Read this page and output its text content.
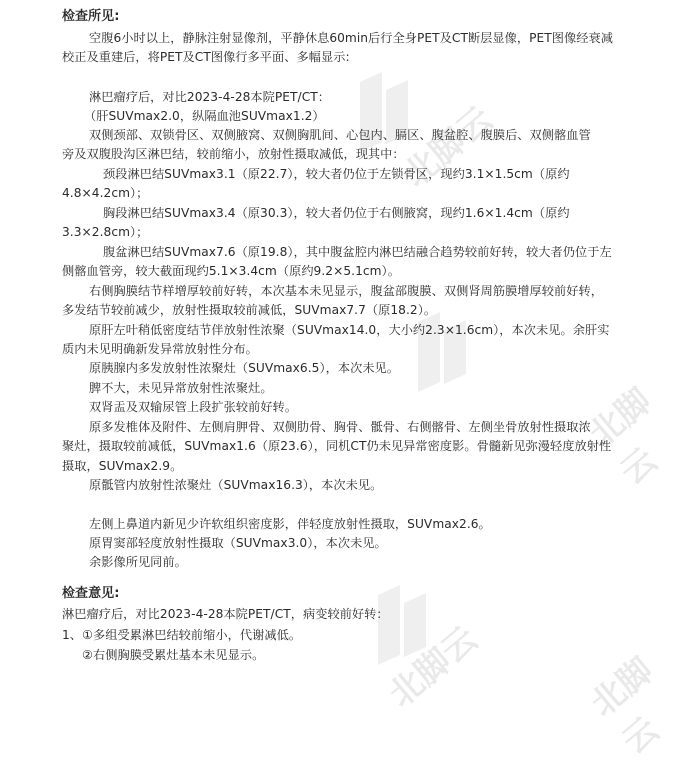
北脚云
北脚云
北脚云	北脚云
检查所见:
空腹6小时以上，静脉注射显像剂，平静休息60min后行全身PET及CT断层显像，PET图像经衰减
校正及重建后，将PET及CT图像行多平面、多幅显示:
淋巴瘤疗后，对比2023-4-28本院PET/CT：
（肝SUVmax2.0，纵隔血池SUVmax1.2）
双侧颈部、双锁骨区、双侧腋窝、双侧胸肌间、心包内、膈区、腹盆腔、腹膜后、双侧髂血管
旁及双腹股沟区淋巴结，较前缩小，放射性摄取减低，现其中：
颈段淋巴结SUVmax3.1（原22.7），较大者仍位于左锁骨区，现约3.1×1.5cm（原约
4.8×4.2cm）；
胸段淋巴结SUVmax3.4（原30.3），较大者仍位于右侧腋窝，现约1.6×1.4cm（原约
3.3×2.8cm）；
腹盆淋巴结SUVmax7.6（原19.8），其中腹盆腔内淋巴结融合趋势较前好转，较大者仍位于左
侧髂血管旁，较大截面现约5.1×3.4cm（原约9.2×5.1cm）。
右侧胸膜结节样增厚较前好转，本次基本未见显示，腹盆部腹膜、双侧肾周筋膜增厚较前好转，
多发结节较前减少，放射性摄取较前减低，SUVmax7.7（原18.2）。
原肝左叶稍低密度结节伴放射性浓聚（SUVmax14.0，大小约2.3×1.6cm），本次未见。余肝实
质内未见明确新发异常放射性分布。
原胰腺内多发放射性浓聚灶（SUVmax6.5），本次未见。
脾不大，未见异常放射性浓聚灶。
双肾盂及双输尿管上段扩张较前好转。
原多发椎体及附件、左侧肩胛骨、双侧肋骨、胸骨、骶骨、右侧髂骨、左侧坐骨放射性摄取浓
聚灶，摄取较前减低，SUVmax1.6（原23.6），同机CT仍未见异常密度影。骨髓新见弥漫轻度放射性
摄取，SUVmax2.9。
原骶管内放射性浓聚灶（SUVmax16.3），本次未见。
左侧上鼻道内新见少许软组织密度影，伴轻度放射性摄取，SUVmax2.6。
原胃窦部轻度放射性摄取（SUVmax3.0），本次未见。
余影像所见同前。
检查意见:
淋巴瘤疗后，对比2023-4-28本院PET/CT，病变较前好转：
1、①多组受累淋巴结较前缩小，代谢减低。
②右侧胸膜受累灶基本未见显示。
